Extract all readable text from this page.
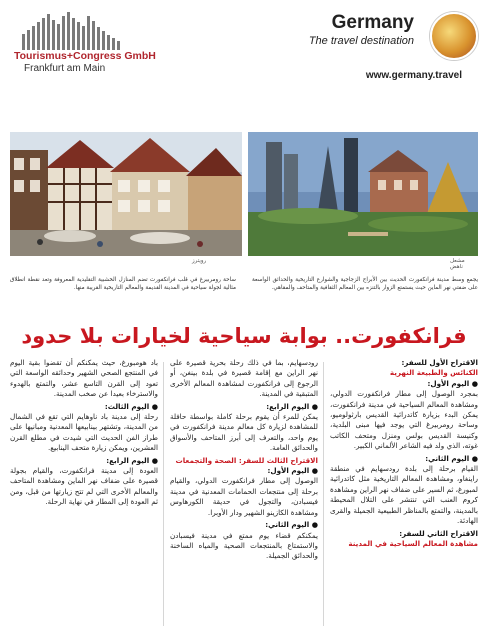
Tourismus+Congress GmbH
Frankfurt am Main
Germany
The travel destination
www.germany.travel
رويترز	مشعل ناهض
يجمع وسط مدينة فرانكفورت الحديث بين الأبراج الزجاجية والشوارع التاريخية والحدائق الواسعة على ضفتي نهر الماين حيث يستمتع الزوار بالتنزه بين المعالم الثقافية والمتاحف والمقاهي.
ساحة رومربيرغ في قلب فرانكفورت تضم المنازل الخشبية التقليدية المعروفة وتعد نقطة انطلاق مثالية لجولة سياحية في المدينة القديمة والمعالم التاريخية القريبة منها.
فرانكفورت.. بوابة سياحية لخيارات بلا حدود
الاقتراح الأول للسفر:
الكنائس والطبيعة النهرية
● اليوم الأول:
بمجرد الوصول إلى مطار فرانكفورت الدولي، ومشاهدة المعالم السياحية في مدينة فرانكفورت، يمكن البدء بزيارة كاتدرائية القديس بارثولوميو، وساحة رومربيرغ التي يوجد فيها مبنى البلدية، وكنيسة القديس بولس ومنزل ومتحف الكاتب غوته، الذي ولد فيه الشاعر الألماني الكبير.
● اليوم الثاني:
القيام برحلة إلى بلدة رودسهايم في منطقة راينغاو، ومشاهدة المعالم التاريخية مثل كاتدرائية لمبورغ، ثم السير على ضفاف نهر الراين ومشاهدة كروم العنب التي تنتشر على التلال المحيطة بالمدينة، والتمتع بالمناظر الطبيعية الجميلة والقرى الهادئة.
الاقتراح الثاني للسفر:
مشاهدة المعالم السياحية في المدينة
رودسهايم، بما في ذلك رحلة بحرية قصيرة على نهر الراين مع إقامة قصيرة في بلدة بينغن، أو الرجوع إلى فرانكفورت لمشاهدة المعالم الأخرى المتبقية في المدينة.
● اليوم الرابع:
يمكن للمرء أن يقوم برحلة كاملة بواسطة حافلة للمشاهدة لزيارة كل معالم مدينة فرانكفورت في يوم واحد، والتعرف إلى أبرز المتاحف والأسواق والحدائق العامة.
الاقتراح الثالث للسفر: الصحة والتجمعات
● اليوم الأول:
الوصول إلى مطار فرانكفورت الدولي، والقيام برحلة إلى منتجعات الحمامات المعدنية في مدينة فيسبادن، والتجول في حديقة الكورهاوس ومشاهدة الكازينو الشهير ودار الأوبرا.
● اليوم الثاني:
يمكنكم قضاء يوم ممتع في مدينة فيسبادن والاستمتاع بالمنتجعات الصحية والمياه الساخنة والحدائق الجميلة.
باد هومبورغ، حيث يمكنكم أن تقضوا بقية اليوم في المنتجع الصحي الشهير وحدائقه الواسعة التي تعود إلى القرن التاسع عشر، والتمتع بالهدوء والاسترخاء بعيدا عن صخب المدينة.
● اليوم الثالث:
رحلة إلى مدينة باد ناوهايم التي تقع في الشمال من المدينة، وتشتهر بينابيعها المعدنية ومبانيها على طراز الفن الحديث التي شيدت في مطلع القرن العشرين، ويمكن زيارة متحف الينابيع.
● اليوم الرابع:
العودة إلى مدينة فرانكفورت، والقيام بجولة قصيرة على ضفاف نهر الماين ومشاهدة المتاحف والمعالم الأخرى التي لم تتح زيارتها من قبل، ومن ثم العودة إلى المطار في نهاية الرحلة.
